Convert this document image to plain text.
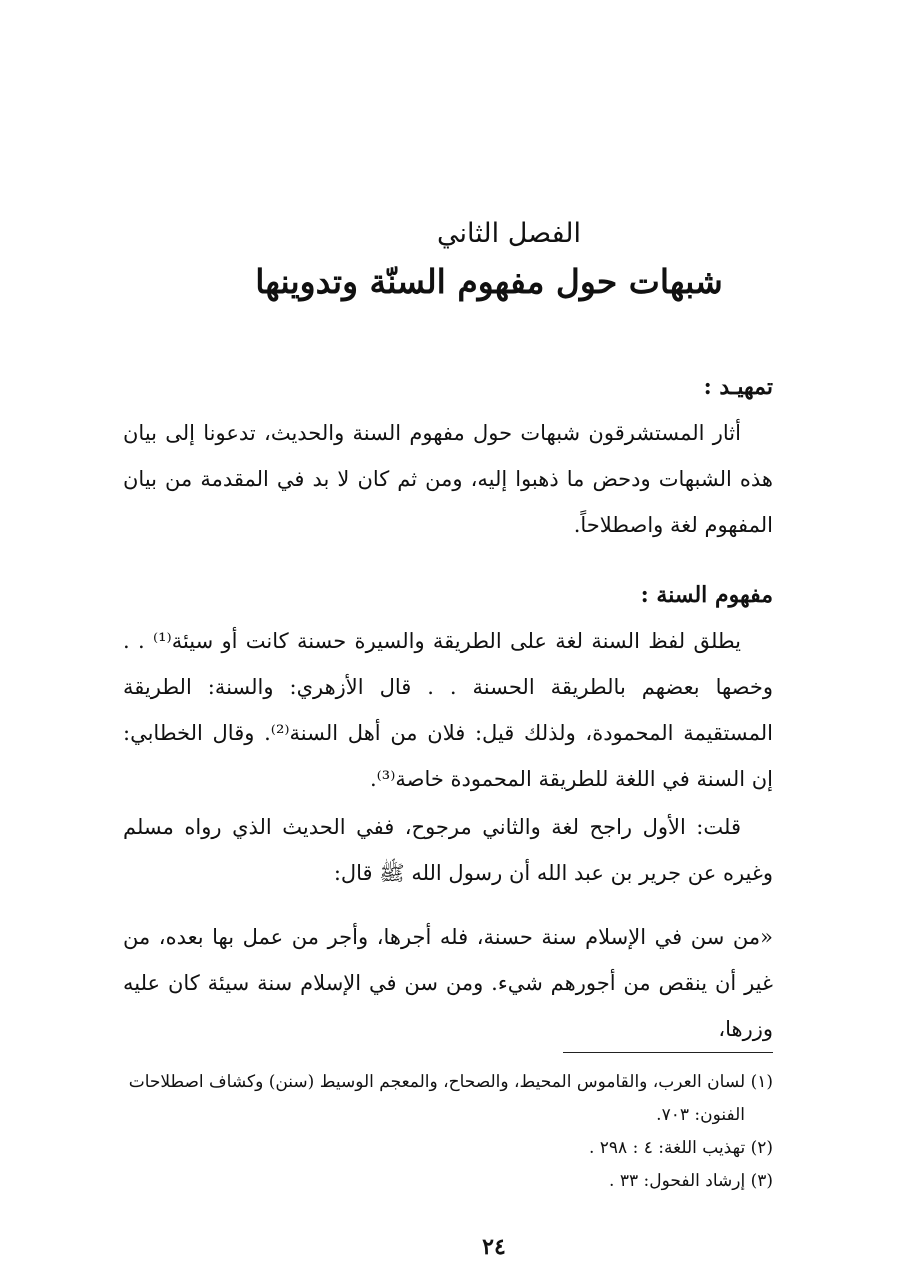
الفصل الثاني
شبهات حول مفهوم السنّة وتدوينها
تمهيـد :
أثار المستشرقون شبهات حول مفهوم السنة والحديث، تدعونا إلى بيان هذه الشبهات ودحض ما ذهبوا إليه، ومن ثم كان لا بد في المقدمة من بيان المفهوم لغة واصطلاحاً.
مفهوم السنة :
يطلق لفظ السنة لغة على الطريقة والسيرة حسنة كانت أو سيئة⁽¹⁾ . . وخصها بعضهم بالطريقة الحسنة . . قال الأزهري: والسنة: الطريقة المستقيمة المحمودة، ولذلك قيل: فلان من أهل السنة⁽²⁾. وقال الخطابي: إن السنة في اللغة للطريقة المحمودة خاصة⁽³⁾.
قلت: الأول راجح لغة والثاني مرجوح، ففي الحديث الذي رواه مسلم وغيره عن جرير بن عبد الله أن رسول الله ﷺ قال:
«من سن في الإسلام سنة حسنة، فله أجرها، وأجر من عمل بها بعده، من غير أن ينقص من أجورهم شيء. ومن سن في الإسلام سنة سيئة كان عليه وزرها،
(١) لسان العرب، والقاموس المحيط، والصحاح، والمعجم الوسيط (سنن) وكشاف اصطلاحات
الفنون: ٧٠٣.
(٢) تهذيب اللغة: ٤ : ٢٩٨ .
(٣) إرشاد الفحول: ٣٣ .
٢٤
